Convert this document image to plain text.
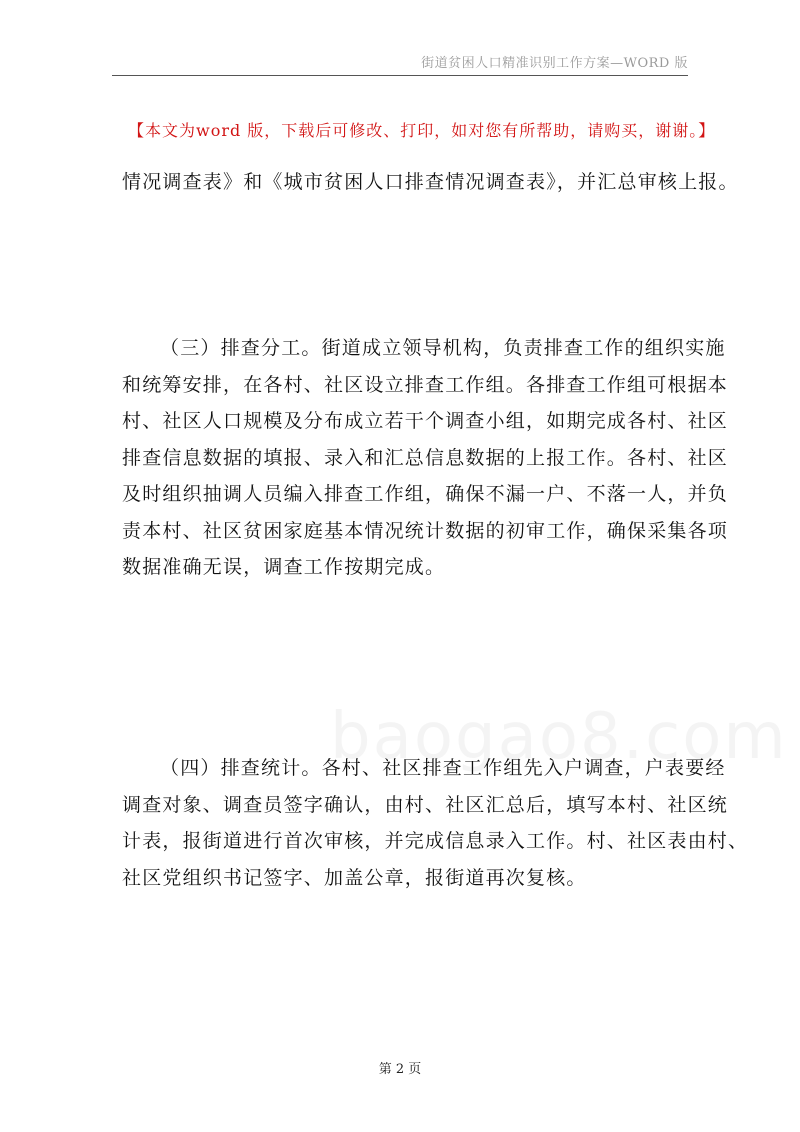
街道贫困人口精准识别工作方案—WORD 版
【本文为word 版，下载后可修改、打印，如对您有所帮助，请购买，谢谢。】
情况调查表》和《城市贫困人口排查情况调查表》，并汇总审核上报。
（三）排查分工。街道成立领导机构，负责排查工作的组织实施
和统筹安排，在各村、社区设立排查工作组。各排查工作组可根据本
村、社区人口规模及分布成立若干个调查小组，如期完成各村、社区
排查信息数据的填报、录入和汇总信息数据的上报工作。各村、社区
及时组织抽调人员编入排查工作组，确保不漏一户、不落一人，并负
责本村、社区贫困家庭基本情况统计数据的初审工作，确保采集各项
数据准确无误，调查工作按期完成。
（四）排查统计。各村、社区排查工作组先入户调查，户表要经
调查对象、调查员签字确认，由村、社区汇总后，填写本村、社区统
计表，报街道进行首次审核，并完成信息录入工作。村、社区表由村、
社区党组织书记签字、加盖公章，报街道再次复核。
第 2 页
